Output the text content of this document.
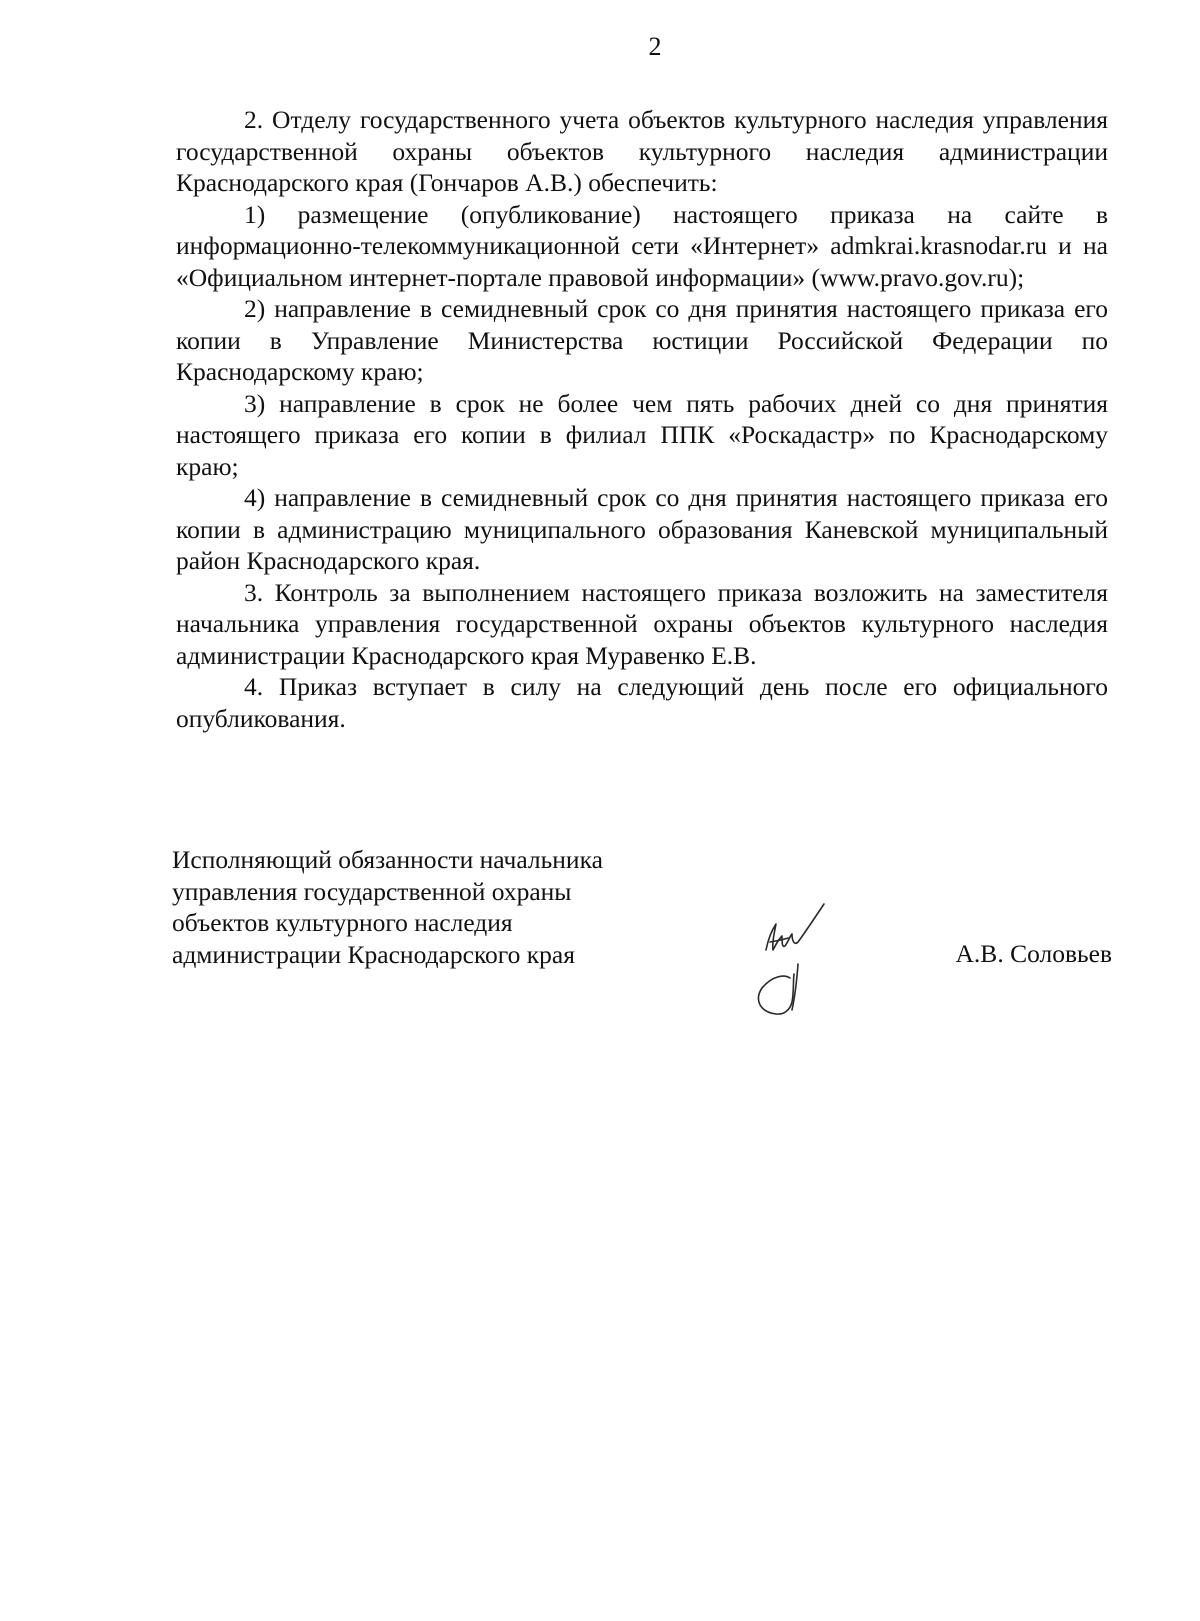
2

2. Отделу государственного учета объектов культурного наследия управления государственной охраны объектов культурного наследия администрации Краснодарского края (Гончаров А.В.) обеспечить:

1) размещение (опубликование) настоящего приказа на сайте в информационно-телекоммуникационной сети «Интернет» admkrai.krasnodar.ru и на «Официальном интернет-портале правовой информации» (www.pravo.gov.ru);

2) направление в семидневный срок со дня принятия настоящего приказа его копии в Управление Министерства юстиции Российской Федерации по Краснодарскому краю;

3) направление в срок не более чем пять рабочих дней со дня принятия настоящего приказа его копии в филиал ППК «Роскадастр» по Краснодарскому краю;

4) направление в семидневный срок со дня принятия настоящего приказа его копии в администрацию муниципального образования Каневской муниципальный район Краснодарского края.

3. Контроль за выполнением настоящего приказа возложить на заместителя начальника управления государственной охраны объектов культурного наследия администрации Краснодарского края Муравенко Е.В.

4. Приказ вступает в силу на следующий день после его официального опубликования.

Исполняющий обязанности начальника
управления государственной охраны
объектов культурного наследия
администрации Краснодарского края	А.В. Соловьев
